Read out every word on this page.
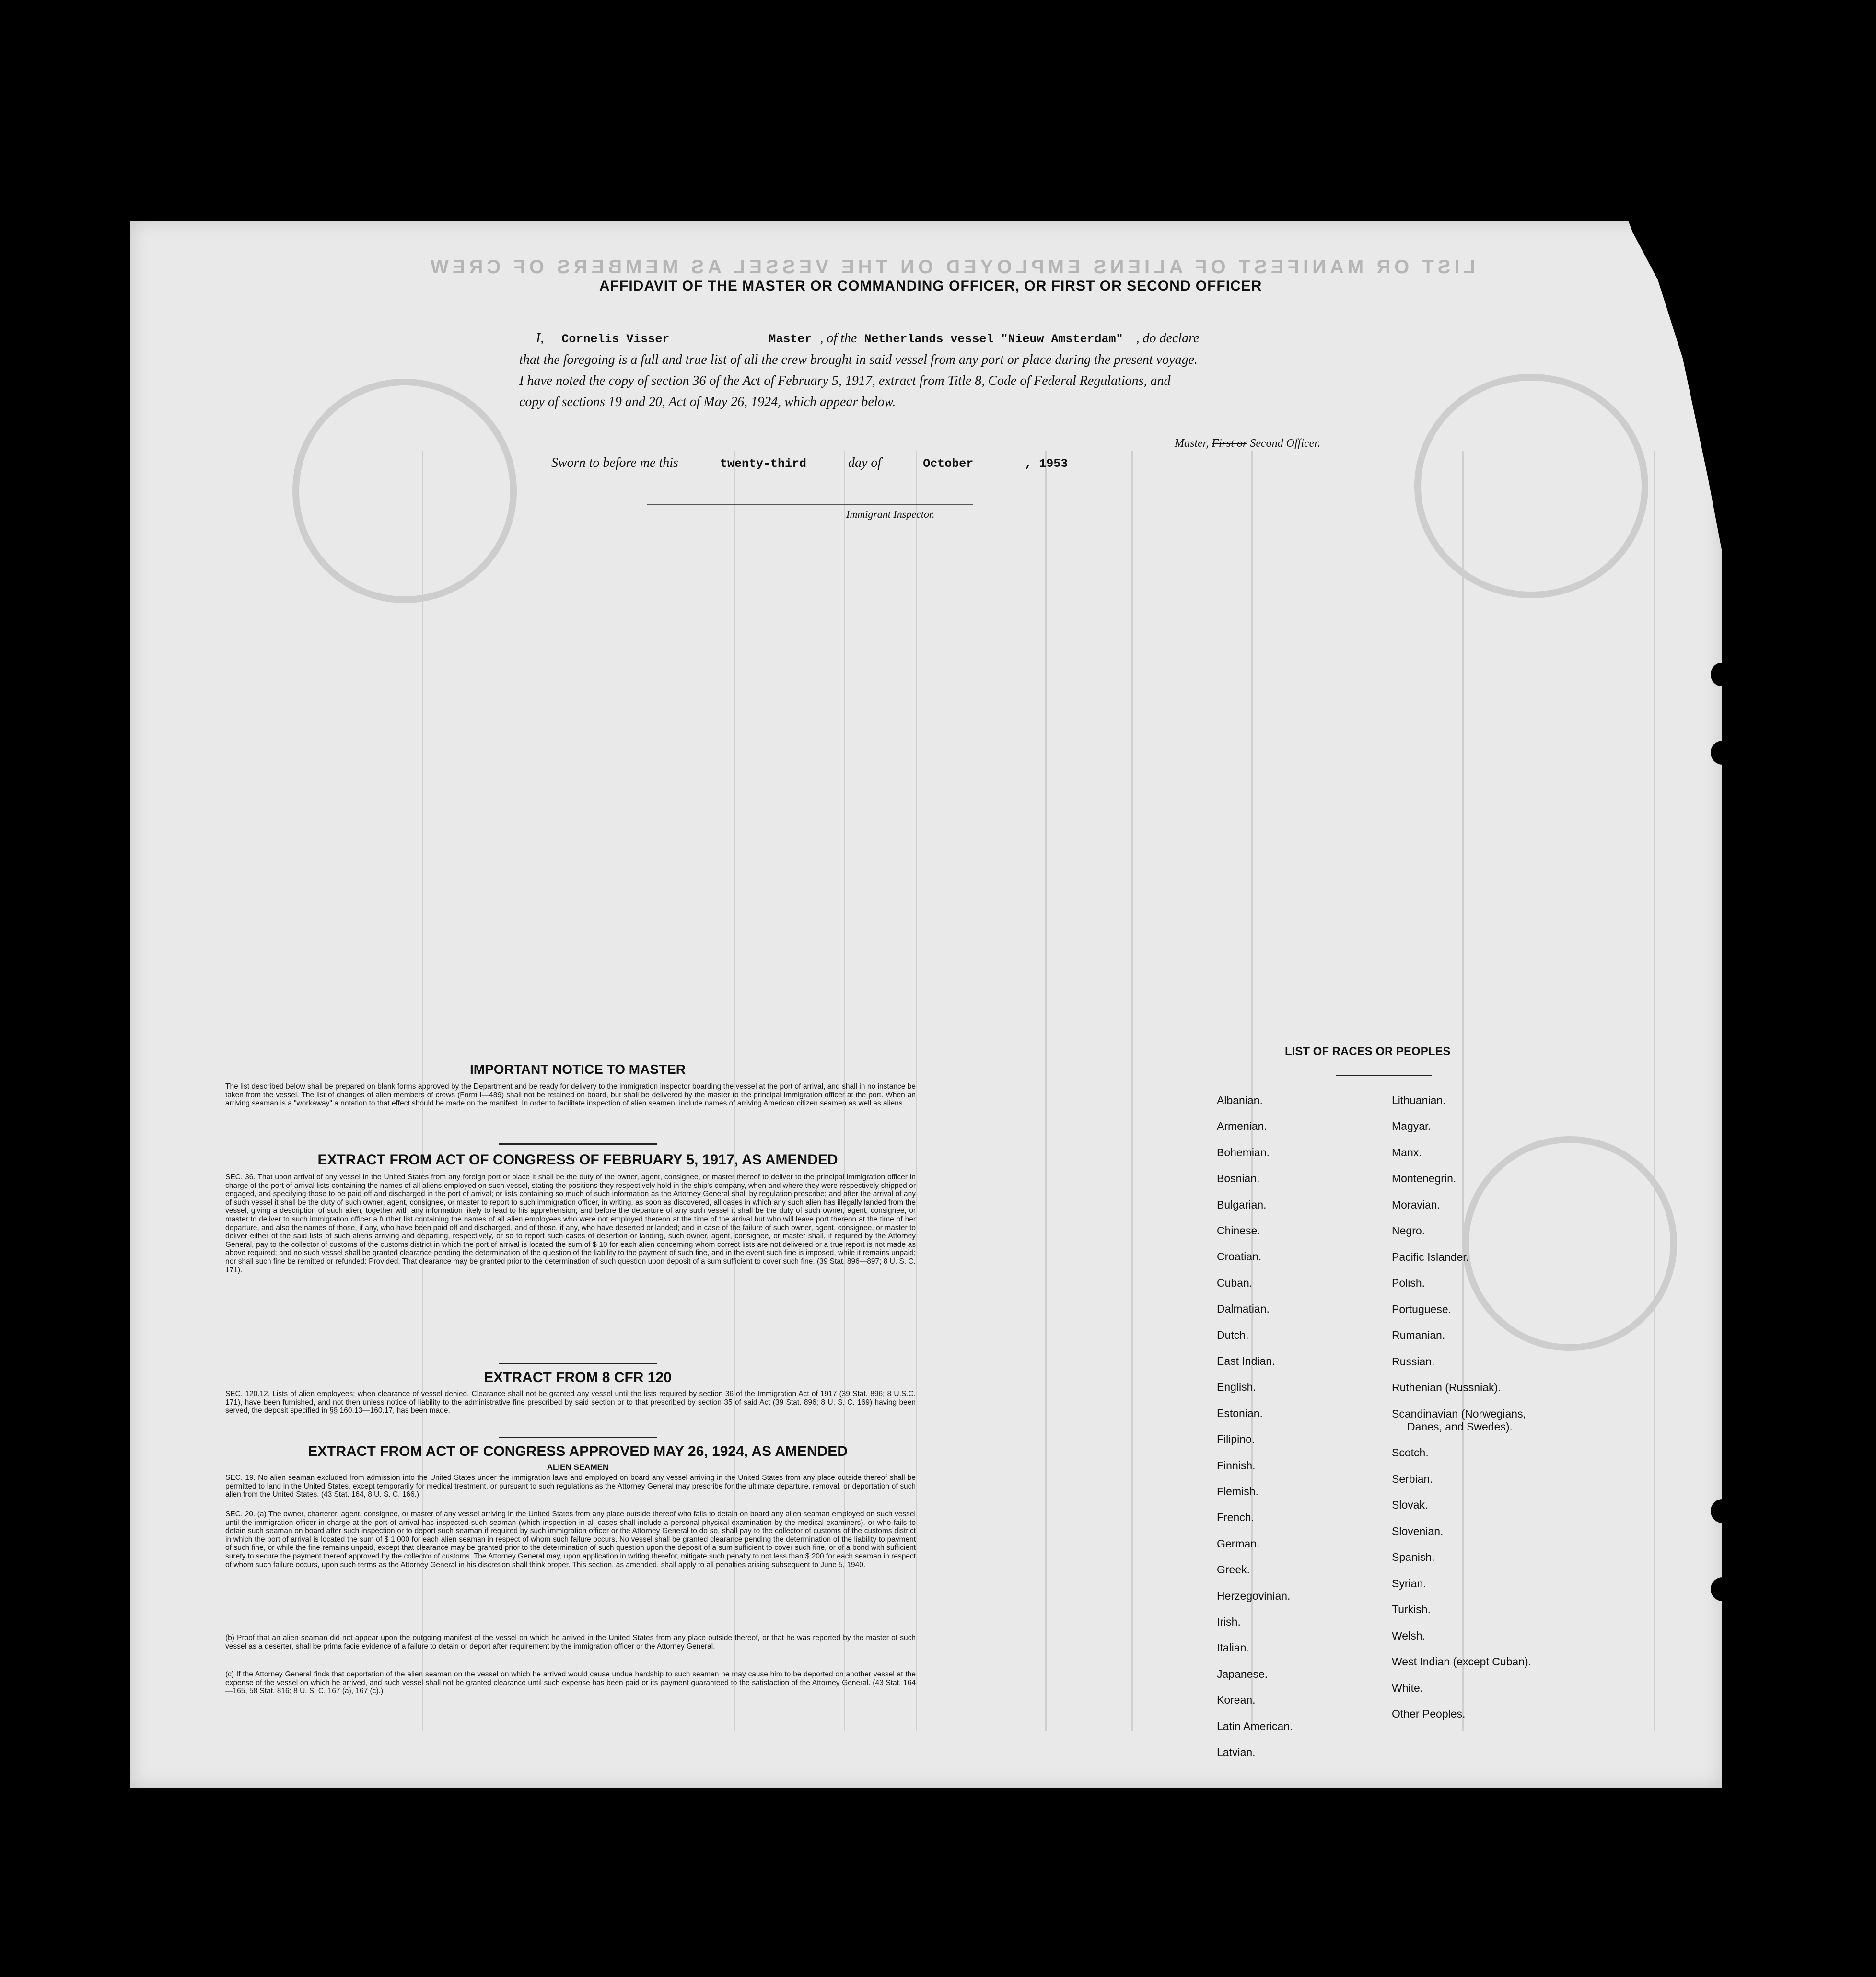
LIST OR MANIFEST OF ALIENS EMPLOYED ON THE VESSEL AS MEMBERS OF CREW
AFFIDAVIT OF THE MASTER OR COMMANDING OFFICER, OR FIRST OR SECOND OFFICER
I, Cornelis Visser	Master , of the Netherlands vessel "Nieuw Amsterdam" , do declare
that the foregoing is a full and true list of all the crew brought in said vessel from any port or place during the present voyage.
I have noted the copy of section 36 of the Act of February 5, 1917, extract from Title 8, Code of Federal Regulations, and
copy of sections 19 and 20, Act of May 26, 1924, which appear below.
Master, First or Second Officer.
Sworn to before me this	twenty-third	day of	October	, 1953
Immigrant Inspector.
IMPORTANT NOTICE TO MASTER
The list described below shall be prepared on blank forms approved by the Department and be ready for delivery to the immigration inspector boarding the vessel at the port of arrival, and shall in no instance be taken from the vessel. The list of changes of alien members of crews (Form I—489) shall not be retained on board, but shall be delivered by the master to the principal immigration officer at the port. When an arriving seaman is a "workaway" a notation to that effect should be made on the manifest. In order to facilitate inspection of alien seamen, include names of arriving American citizen seamen as well as aliens.
EXTRACT FROM ACT OF CONGRESS OF FEBRUARY 5, 1917, AS AMENDED
SEC. 36. That upon arrival of any vessel in the United States from any foreign port or place it shall be the duty of the owner, agent, consignee, or master thereof to deliver to the principal immigration officer in charge of the port of arrival lists containing the names of all aliens employed on such vessel, stating the positions they respectively hold in the ship's company, when and where they were respectively shipped or engaged, and specifying those to be paid off and discharged in the port of arrival; or lists containing so much of such information as the Attorney General shall by regulation prescribe; and after the arrival of any of such vessel it shall be the duty of such owner, agent, consignee, or master to report to such immigration officer, in writing, as soon as discovered, all cases in which any such alien has illegally landed from the vessel, giving a description of such alien, together with any information likely to lead to his apprehension; and before the departure of any such vessel it shall be the duty of such owner, agent, consignee, or master to deliver to such immigration officer a further list containing the names of all alien employees who were not employed thereon at the time of the arrival but who will leave port thereon at the time of her departure, and also the names of those, if any, who have been paid off and discharged, and of those, if any, who have deserted or landed; and in case of the failure of such owner, agent, consignee, or master to deliver either of the said lists of such aliens arriving and departing, respectively, or so to report such cases of desertion or landing, such owner, agent, consignee, or master shall, if required by the Attorney General, pay to the collector of customs of the customs district in which the port of arrival is located the sum of $ 10 for each alien concerning whom correct lists are not delivered or a true report is not made as above required; and no such vessel shall be granted clearance pending the determination of the question of the liability to the payment of such fine, and in the event such fine is imposed, while it remains unpaid; nor shall such fine be remitted or refunded: Provided, That clearance may be granted prior to the determination of such question upon deposit of a sum sufficient to cover such fine. (39 Stat. 896—897; 8 U. S. C. 171).
EXTRACT FROM 8 CFR 120
SEC. 120.12. Lists of alien employees; when clearance of vessel denied. Clearance shall not be granted any vessel until the lists required by section 36 of the Immigration Act of 1917 (39 Stat. 896; 8 U.S.C. 171), have been furnished, and not then unless notice of liability to the administrative fine prescribed by said section or to that prescribed by section 35 of said Act (39 Stat. 896; 8 U. S. C. 169) having been served, the deposit specified in §§ 160.13—160.17, has been made.
EXTRACT FROM ACT OF CONGRESS APPROVED MAY 26, 1924, AS AMENDED
ALIEN SEAMEN
SEC. 19. No alien seaman excluded from admission into the United States under the immigration laws and employed on board any vessel arriving in the United States from any place outside thereof shall be permitted to land in the United States, except temporarily for medical treatment, or pursuant to such regulations as the Attorney General may prescribe for the ultimate departure, removal, or deportation of such alien from the United States. (43 Stat. 164, 8 U. S. C. 166.)
SEC. 20. (a) The owner, charterer, agent, consignee, or master of any vessel arriving in the United States from any place outside thereof who fails to detain on board any alien seaman employed on such vessel until the immigration officer in charge at the port of arrival has inspected such seaman (which inspection in all cases shall include a personal physical examination by the medical examiners), or who fails to detain such seaman on board after such inspection or to deport such seaman if required by such immigration officer or the Attorney General to do so, shall pay to the collector of customs of the customs district in which the port of arrival is located the sum of $ 1,000 for each alien seaman in respect of whom such failure occurs. No vessel shall be granted clearance pending the determination of the liability to payment of such fine, or while the fine remains unpaid, except that clearance may be granted prior to the determination of such question upon the deposit of a sum sufficient to cover such fine, or of a bond with sufficient surety to secure the payment thereof approved by the collector of customs. The Attorney General may, upon application in writing therefor, mitigate such penalty to not less than $ 200 for each seaman in respect of whom such failure occurs, upon such terms as the Attorney General in his discretion shall think proper. This section, as amended, shall apply to all penalties arising subsequent to June 5, 1940.
(b) Proof that an alien seaman did not appear upon the outgoing manifest of the vessel on which he arrived in the United States from any place outside thereof, or that he was reported by the master of such vessel as a deserter, shall be prima facie evidence of a failure to detain or deport after requirement by the immigration officer or the Attorney General.
(c) If the Attorney General finds that deportation of the alien seaman on the vessel on which he arrived would cause undue hardship to such seaman he may cause him to be deported on another vessel at the expense of the vessel on which he arrived, and such vessel shall not be granted clearance until such expense has been paid or its payment guaranteed to the satisfaction of the Attorney General. (43 Stat. 164—165, 58 Stat. 816; 8 U. S. C. 167 (a), 167 (c).)
LIST OF RACES OR PEOPLES
Albanian.
Armenian.
Bohemian.
Bosnian.
Bulgarian.
Chinese.
Croatian.
Cuban.
Dalmatian.
Dutch.
East Indian.
English.
Estonian.
Filipino.
Finnish.
Flemish.
French.
German.
Greek.
Herzegovinian.
Irish.
Italian.
Japanese.
Korean.
Latin American.
Latvian.
Lithuanian.
Magyar.
Manx.
Montenegrin.
Moravian.
Negro.
Pacific Islander.
Polish.
Portuguese.
Rumanian.
Russian.
Ruthenian (Russniak).
Scandinavian (Norwegians,
Danes, and Swedes).
Scotch.
Serbian.
Slovak.
Slovenian.
Spanish.
Syrian.
Turkish.
Welsh.
West Indian (except Cuban).
White.
Other Peoples.
